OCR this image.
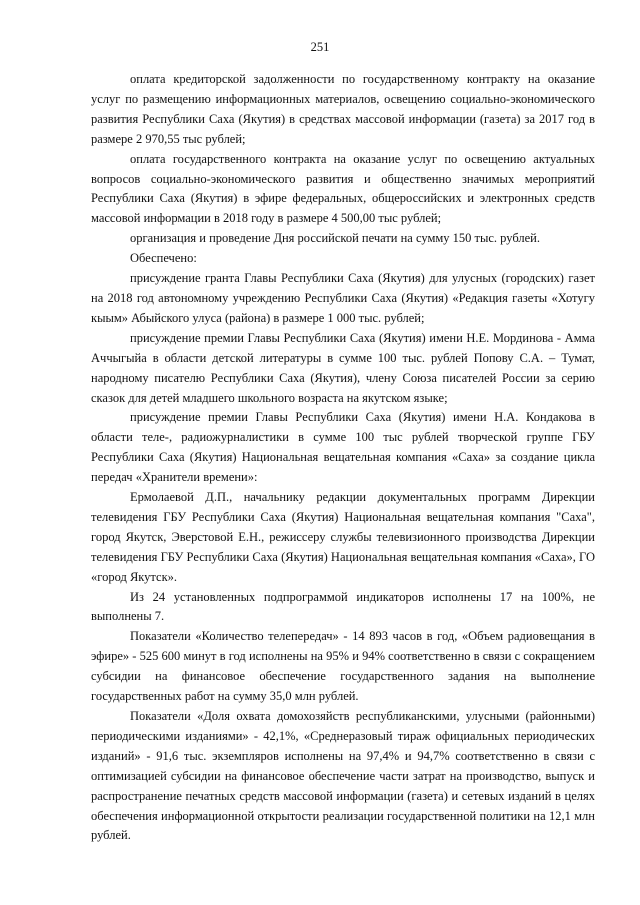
251

оплата кредиторской задолженности по государственному контракту на оказание услуг по размещению информационных материалов, освещению социально-экономического развития Республики Саха (Якутия) в средствах массовой информации (газета) за 2017 год в размере 2 970,55 тыс рублей;

оплата государственного контракта на оказание услуг по освещению актуальных вопросов социально-экономического развития и общественно значимых мероприятий Республики Саха (Якутия) в эфире федеральных, общероссийских и электронных средств массовой информации в 2018 году в размере 4 500,00 тыс рублей;

организация и проведение Дня российской печати на сумму 150 тыс. рублей.

Обеспечено:

присуждение гранта Главы Республики Саха (Якутия) для улусных (городских) газет на 2018 год автономному учреждению Республики Саха (Якутия) «Редакция газеты «Хотугу кыым» Абыйского улуса (района) в размере 1 000 тыс. рублей;

присуждение премии Главы Республики Саха (Якутия) имени Н.Е. Мординова - Амма Аччыгыйа в области детской литературы в сумме 100 тыс. рублей Попову С.А. – Тумат, народному писателю Республики Саха (Якутия), члену Союза писателей России за серию сказок для детей младшего школьного возраста на якутском языке;

присуждение премии Главы Республики Саха (Якутия) имени Н.А. Кондакова в области теле-, радиожурналистики в сумме 100 тыс рублей творческой группе ГБУ Республики Саха (Якутия) Национальная вещательная компания «Саха» за создание цикла передач «Хранители времени»:

Ермолаевой Д.П., начальнику редакции документальных программ Дирекции телевидения ГБУ Республики Саха (Якутия) Национальная вещательная компания "Саха", город Якутск, Эверстовой Е.Н., режиссеру службы телевизионного производства Дирекции телевидения ГБУ Республики Саха (Якутия) Национальная вещательная компания «Саха», ГО «город Якутск».

Из 24 установленных подпрограммой индикаторов исполнены 17 на 100%, не выполнены 7.

Показатели «Количество телепередач» - 14 893 часов в год, «Объем радиовещания в эфире» - 525 600 минут в год исполнены на 95% и 94% соответственно в связи с сокращением субсидии на финансовое обеспечение государственного задания на выполнение государственных работ на сумму 35,0 млн рублей.

Показатели «Доля охвата домохозяйств республиканскими, улусными (районными) периодическими изданиями» - 42,1%, «Среднеразовый тираж официальных периодических изданий» - 91,6 тыс. экземпляров исполнены на 97,4% и 94,7% соответственно в связи с оптимизацией субсидии на финансовое обеспечение части затрат на производство, выпуск и распространение печатных средств массовой информации (газета) и сетевых изданий в целях обеспечения информационной открытости реализации государственной политики на 12,1 млн рублей.
